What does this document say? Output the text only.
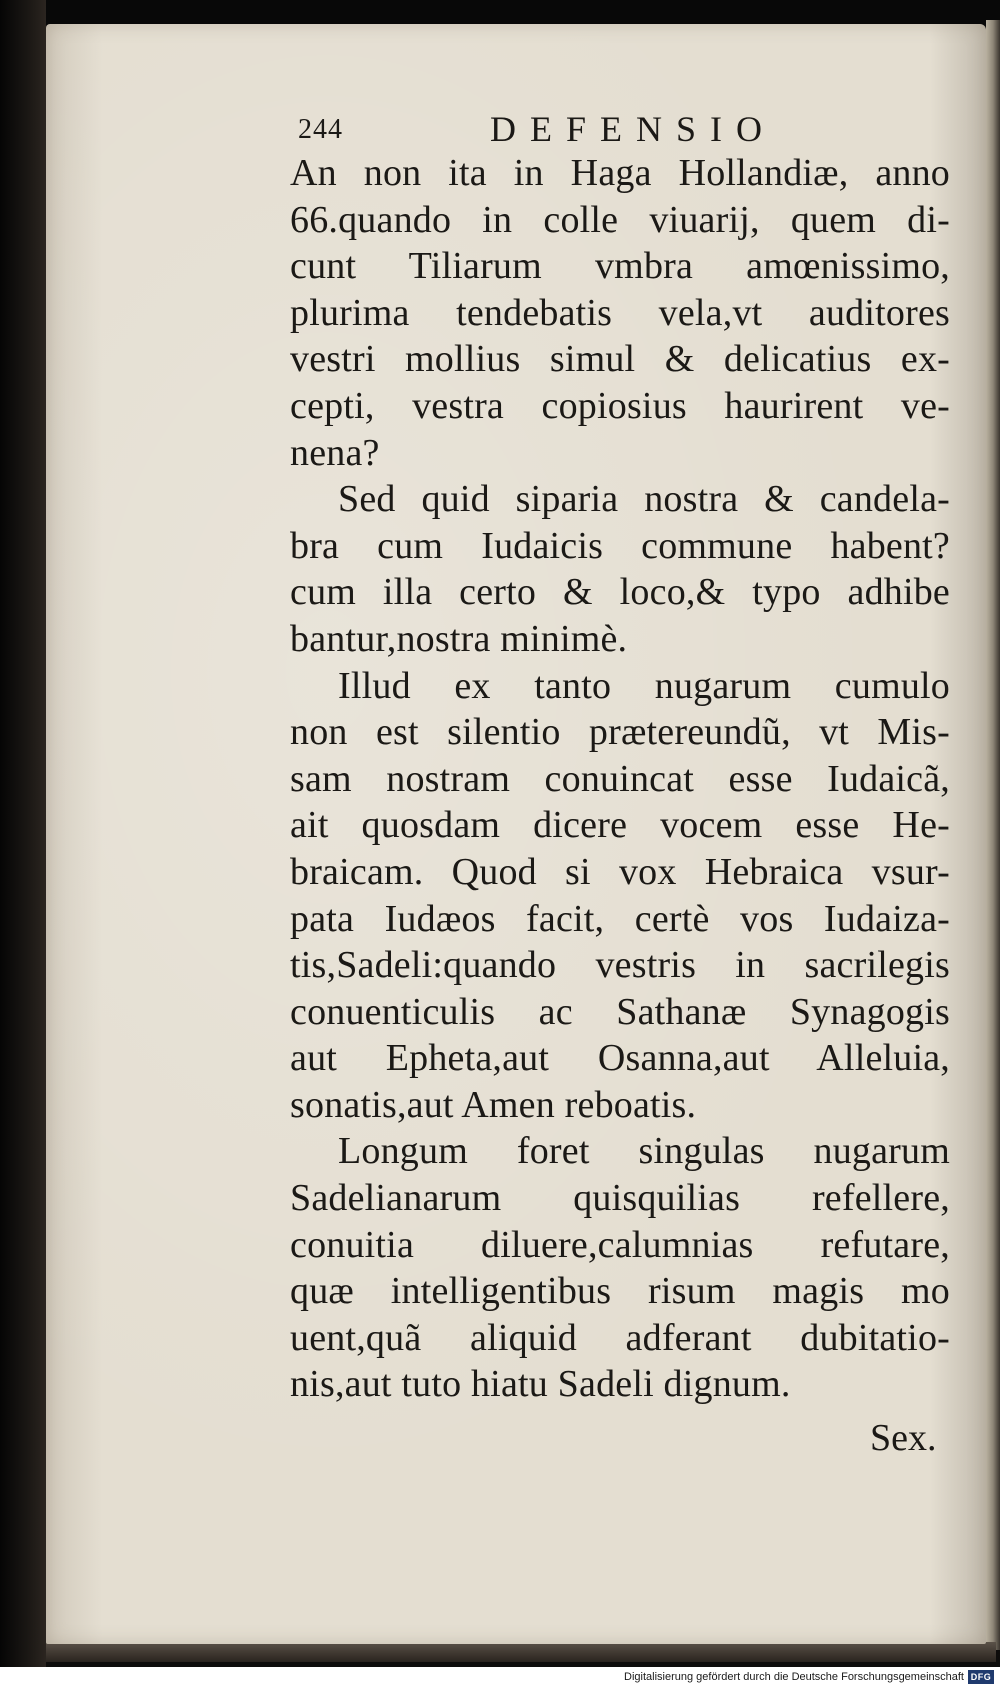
244	DEFENSIO
An non ita in Haga Hollandiæ, anno
66.quando in colle viuarij, quem di-
cunt Tiliarum vmbra amœnissimo,
plurima tendebatis vela,vt auditores
vestri mollius simul & delicatius ex-
cepti, vestra copiosius haurirent ve-
nena?
Sed quid siparia nostra & candela-
bra cum Iudaicis commune habent?
cum illa certo & loco,& typo adhibe
bantur,nostra minimè.
Illud ex tanto nugarum cumulo
non est silentio prætereundũ, vt Mis-
sam nostram conuincat esse Iudaicã,
ait quosdam dicere vocem esse He-
braicam. Quod si vox Hebraica vsur-
pata Iudæos facit, certè vos Iudaiza-
tis,Sadeli:quando vestris in sacrilegis
conuenticulis ac Sathanæ Synagogis
aut Epheta,aut Osanna,aut Alleluia,
sonatis,aut Amen reboatis.
Longum foret singulas nugarum
Sadelianarum quisquilias refellere,
conuitia diluere,calumnias refutare,
quæ intelligentibus risum magis mo
uent,quã aliquid adferant dubitatio-
nis,aut tuto hiatu Sadeli dignum.
Sex.
Digitalisierung gefördert durch die Deutsche Forschungsgemeinschaft DFG
